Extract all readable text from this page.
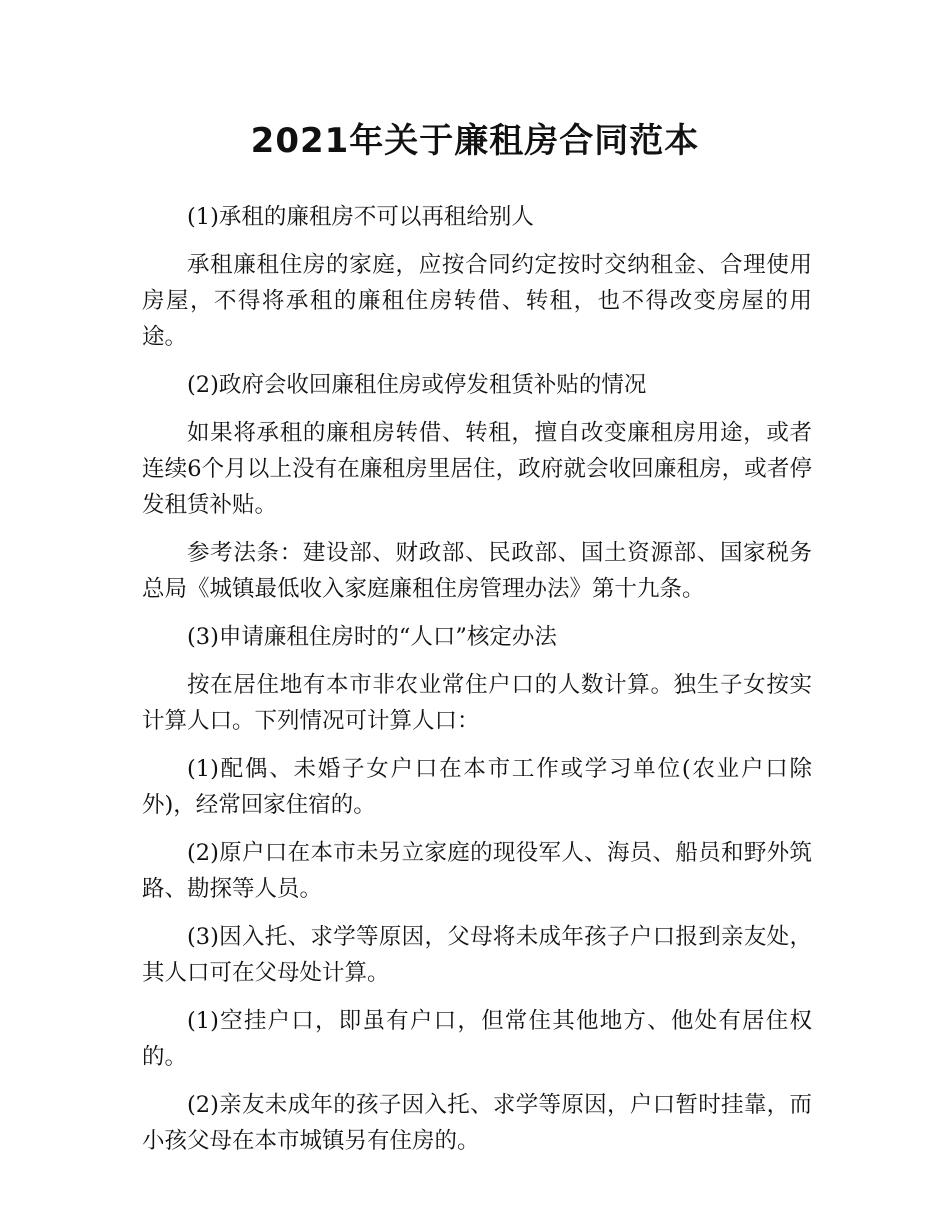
2021年关于廉租房合同范本

(1)承租的廉租房不可以再租给别人

承租廉租住房的家庭，应按合同约定按时交纳租金、合理使用房屋，不得将承租的廉租住房转借、转租，也不得改变房屋的用途。

(2)政府会收回廉租住房或停发租赁补贴的情况

如果将承租的廉租房转借、转租，擅自改变廉租房用途，或者连续6个月以上没有在廉租房里居住，政府就会收回廉租房，或者停发租赁补贴。

参考法条：建设部、财政部、民政部、国土资源部、国家税务总局《城镇最低收入家庭廉租住房管理办法》第十九条。

(3)申请廉租住房时的“人口”核定办法

按在居住地有本市非农业常住户口的人数计算。独生子女按实计算人口。下列情况可计算人口：

(1)配偶、未婚子女户口在本市工作或学习单位(农业户口除外)，经常回家住宿的。

(2)原户口在本市未另立家庭的现役军人、海员、船员和野外筑路、勘探等人员。

(3)因入托、求学等原因，父母将未成年孩子户口报到亲友处，其人口可在父母处计算。

(1)空挂户口，即虽有户口，但常住其他地方、他处有居住权的。

(2)亲友未成年的孩子因入托、求学等原因，户口暂时挂靠，而小孩父母在本市城镇另有住房的。
